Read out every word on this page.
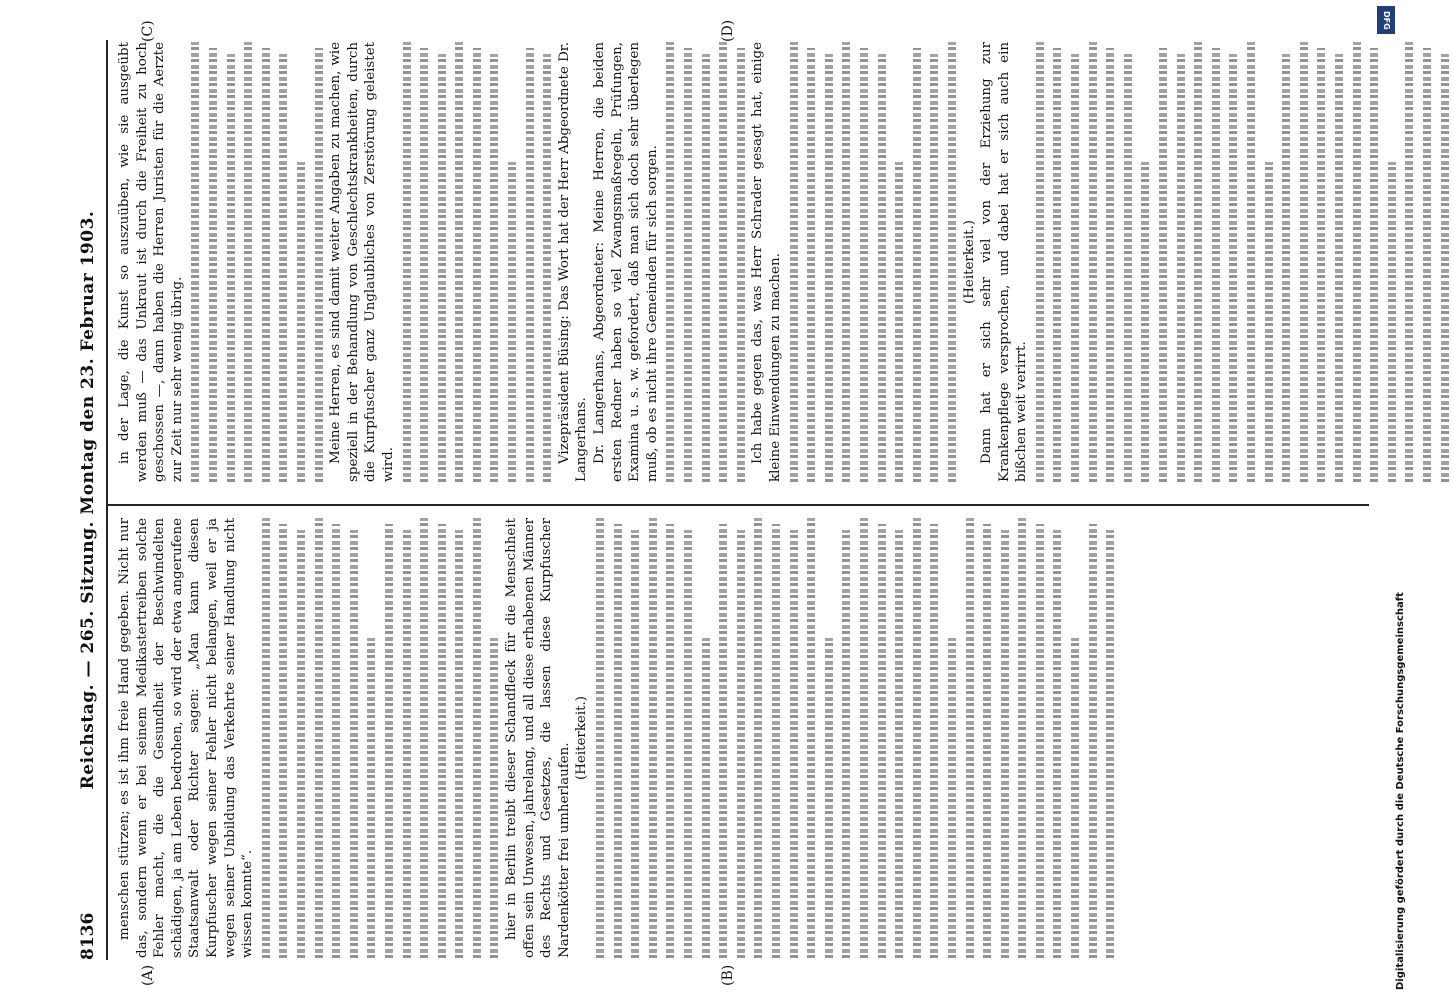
8136
Reichstag. — 265. Sitzung. Montag den 23. Februar 1903.
(A)	(B)
(C)	(D)

menschen stürzen; es ist ihm freie Hand gegeben. Nicht nur das, sondern wenn er bei seinem Medikastertreiben solche Fehler macht, die die Gesundheit der Beschwindelten schädigen, ja am Leben bedrohen, so wird der etwa angerufene Staatsanwalt oder Richter sagen: „Man kann diesen Kurpfuscher wegen seiner Fehler nicht belangen, weil er ja wegen seiner Unbildung das Verkehrte seiner Handlung nicht wissen konnte“.	hier in Berlin treibt dieser Schandfleck für die Menschheit offen sein Unwesen, jahrelang, und all diese erhabenen Männer des Rechts und Gesetzes, die lassen diese Kurpfuscher Nardenkötter frei umherlaufen.

(Heiterkeit.)

in der Lage, die Kunst so auszuüben, wie sie ausgeübt werden muß — das Unkraut ist durch die Freiheit zu hoch geschossen —, dann haben die Herren Juristen für die Aerzte zur Zeit nur sehr wenig übrig.	Meine Herren, es sind damit weiter Angaben zu machen, wie speziell in der Behandlung von Geschlechtskrankheiten, durch die Kurpfuscher ganz Unglaubliches von Zerstörung geleistet wird.

Vizepräsident Büsing: Das Wort hat der Herr Abgeordnete Dr. Langerhans. Dr. Langerhans, Abgeordneter: Meine Herren, die beiden ersten Redner haben so viel Zwangsmaßregeln, Prüfungen, Examina u. s. w. gefordert, daß man sich doch sehr überlegen muß, ob es nicht ihre Gemeinden für sich sorgen.	Ich habe gegen das, was Herr Schrader gesagt hat, einige kleine Einwendungen zu machen.	(Heiterkeit.) Dann hat er sich sehr viel von der Erziehung zur Krankenpflege versprochen, und dabei hat er sich auch ein bißchen weit verirrt.

DFG
Digitalisierung gefördert durch die Deutsche Forschungsgemeinschaft
